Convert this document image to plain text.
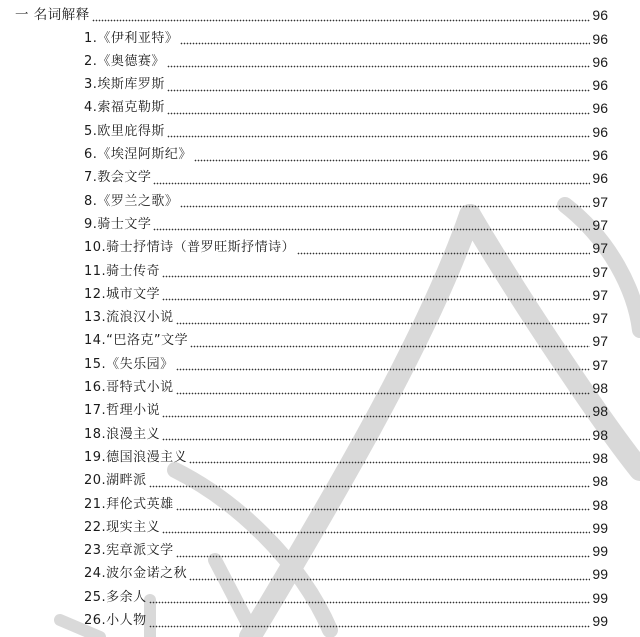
一 名词解释	96
1.《伊利亚特》	96
2.《奥德赛》	96
3.埃斯库罗斯	96
4.索福克勒斯	96
5.欧里庇得斯	96
6.《埃涅阿斯纪》	96
7.教会文学	96
8.《罗兰之歌》	97
9.骑士文学	97
10.骑士抒情诗（普罗旺斯抒情诗）	97
11.骑士传奇	97
12.城市文学	97
13.流浪汉小说	97
14.“巴洛克”文学	97
15.《失乐园》	97
16.哥特式小说	98
17.哲理小说	98
18.浪漫主义	98
19.德国浪漫主义	98
20.湖畔派	98
21.拜伦式英雄	98
22.现实主义	99
23.宪章派文学	99
24.波尔金诺之秋	99
25.多余人	99
26.小人物	99
